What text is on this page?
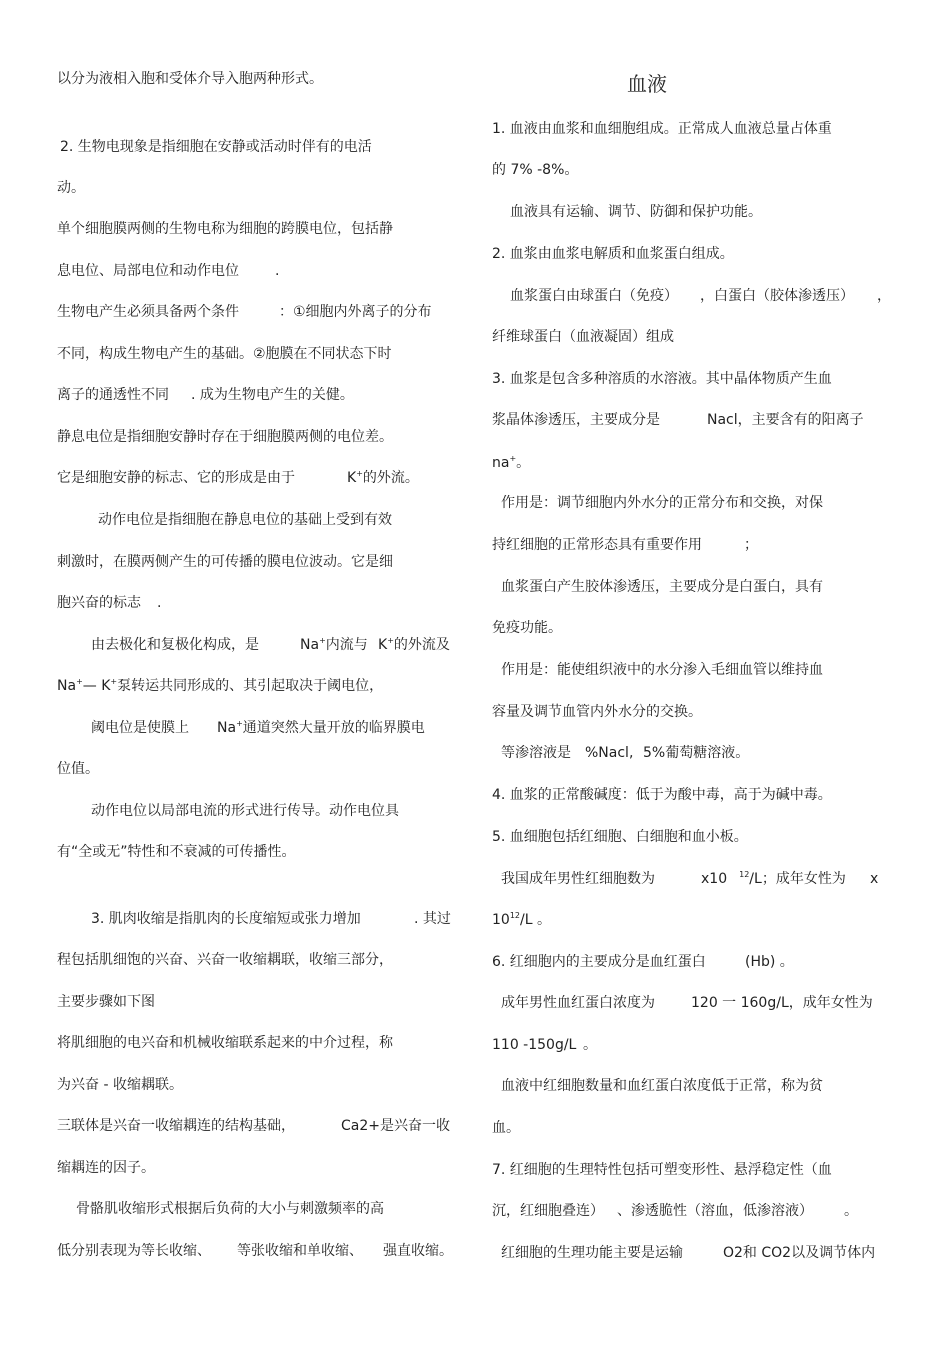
以分为液相入胞和受体介导入胞两种形式。
2. 生物电现象是指细胞在安静或活动时伴有的电活
动。
单个细胞膜两侧的生物电称为细胞的跨膜电位，包括静
息电位、局部电位和动作电位	.
生物电产生必须具备两个条件	：①细胞内外离子的分布
不同，构成生物电产生的基础。②胞膜在不同状态下时
离子的通透性不同 . 成为生物电产生的关健。
静息电位是指细胞安静时存在于细胞膜两侧的电位差。
它是细胞安静的标志、它的形成是由于	K+的外流。
动作电位是指细胞在静息电位的基础上受到有效
刺激时，在膜两侧产生的可传播的膜电位波动。它是细
胞兴奋的标志 .
由去极化和复极化构成，是	Na+内流与 K+的外流及
Na+— K+泵转运共同形成的、其引起取决于阈电位，
阈电位是使膜上 Na+通道突然大量开放的临界膜电
位值。
动作电位以局部电流的形式进行传导。动作电位具
有“全或无”特性和不衰减的可传播性。
3. 肌肉收缩是指肌肉的长度缩短或张力增加	. 其过
程包括肌细饱的兴奋、兴奋一收缩耦联，收缩三部分，
主要步骤如下图
将肌细胞的电兴奋和机械收缩联系起来的中介过程，称
为兴奋 - 收缩耦联。
三联体是兴奋一收缩耦连的结构基础，	Ca2+是兴奋一收
缩耦连的因子。
骨骼肌收缩形式根据后负荷的大小与刺激频率的高
低分别表现为等长收缩、 等张收缩和单收缩、 强直收缩。
血液
1. 血液由血浆和血细胞组成。正常成人血液总量占体重
的 7% -8%。
血液具有运输、调节、防御和保护功能。
2. 血浆由血浆电解质和血浆蛋白组成。
血浆蛋白由球蛋白（免疫） ，白蛋白（胶体渗透压） ，
纤维球蛋白（血液凝固）组成
3. 血浆是包含多种溶质的水溶液。其中晶体物质产生血
浆晶体渗透压，主要成分是	Nacl，主要含有的阳离子
na+。
作用是：调节细胞内外水分的正常分布和交换，对保
持红细胞的正常形态具有重要作用	；
血浆蛋白产生胶体渗透压，主要成分是白蛋白，具有
免疫功能。
作用是：能使组织液中的水分渗入毛细血管以维持血
容量及调节血管内外水分的交换。
等渗溶液是 %Nacl, 5%葡萄糖溶液。
4. 血浆的正常酸碱度：低于为酸中毒，高于为碱中毒。
5. 血细胞包括红细胞、白细胞和血小板。
我国成年男性红细胞数为	x10 $^{12}$/L；成年女性为 x
$10^{12}/L$ 。
6. 红细胞内的主要成分是血红蛋白	(Hb) 。
成年男性血红蛋白浓度为	120 一 160g/L，成年女性为
110 -150g/L 。
血液中红细胞数量和血红蛋白浓度低于正常，称为贫
血。
7. 红细胞的生理特性包括可塑变形性、悬浮稳定性（血
沉，红细胞叠连） 、渗透脆性（溶血，低渗溶液） 。
红细胞的生理功能主要是运输	O2和 CO2以及调节体内
